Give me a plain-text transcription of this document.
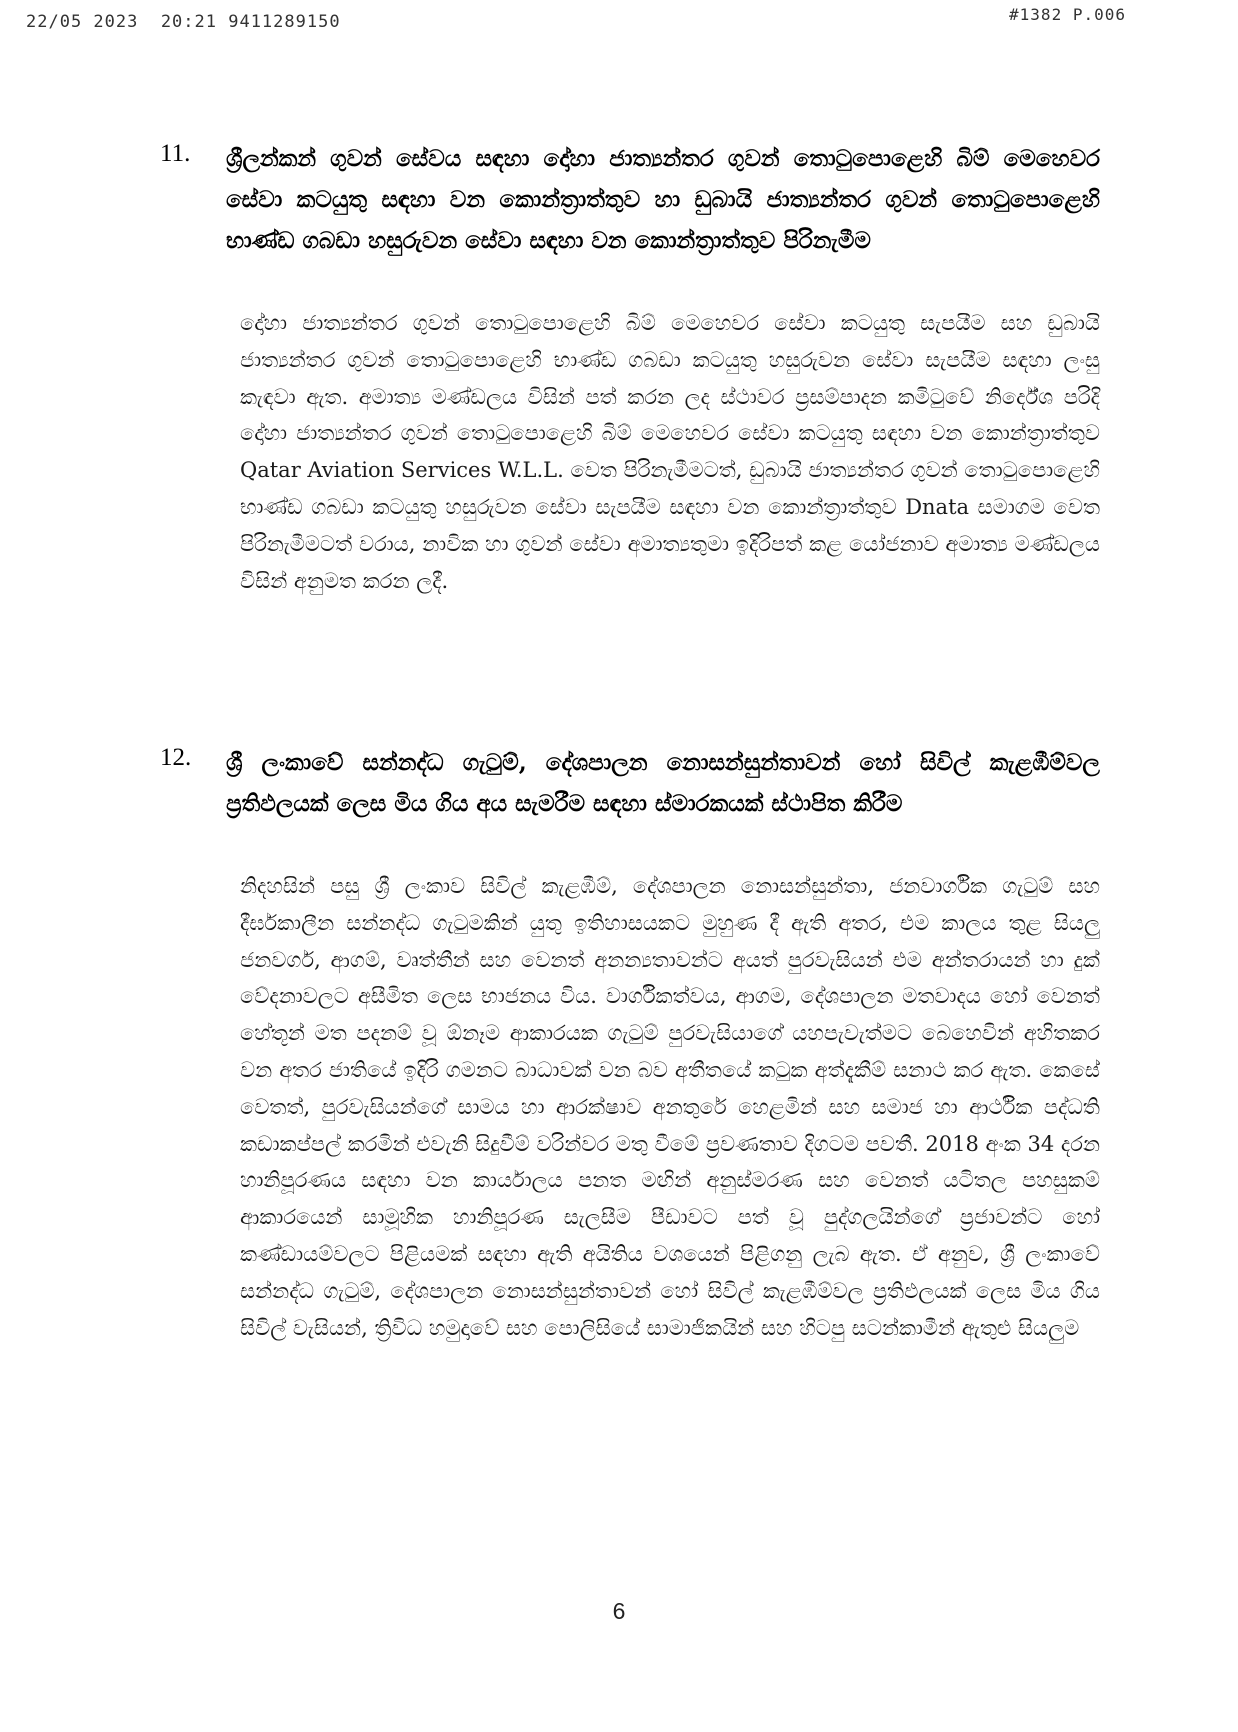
22/05 2023  20:21 9411289150	#1382 P.006
11. ශ්‍රීලන්කන් ගුවන් සේවය සඳහා දෝහා ජාත්‍යන්තර ගුවන් තොටුපොළෙහි බිම් මෙහෙවර සේවා කටයුතු සඳහා වන කොන්ත්‍රාත්තුව හා ඩුබායි ජාත්‍යන්තර ගුවන් තොටුපොළෙහි භාණ්ඩ ගබඩා හසුරුවන සේවා සඳහා වන කොන්ත්‍රාත්තුව පිරිනැමීම

දෝහා ජාත්‍යන්තර ගුවන් තොටුපොළෙහි බිම් මෙහෙවර සේවා කටයුතු සැපයීම සහ ඩුබායි ජාත්‍යන්තර ගුවන් තොටුපොළෙහි භාණ්ඩ ගබඩා කටයුතු හසුරුවන සේවා සැපයීම සඳහා ලංසු කැඳවා ඇත. අමාත්‍ය මණ්ඩලය විසින් පත් කරන ලද ස්ථාවර ප්‍රසම්පාදන කමිටුවේ නිර්දේශ පරිදි දෝහා ජාත්‍යන්තර ගුවන් තොටුපොළෙහි බිම් මෙහෙවර සේවා කටයුතු සඳහා වන කොන්ත්‍රාත්තුව Qatar Aviation Services W.L.L. වෙත පිරිනැමීමටත්, ඩුබායි ජාත්‍යන්තර ගුවන් තොටුපොළෙහි භාණ්ඩ ගබඩා කටයුතු හසුරුවන සේවා සැපයීම සඳහා වන කොන්ත්‍රාත්තුව Dnata සමාගම වෙත පිරිනැමීමටත් වරාය, නාවික හා ගුවන් සේවා අමාත්‍යතුමා ඉදිරිපත් කළ යෝජනාව අමාත්‍ය මණ්ඩලය විසින් අනුමත කරන ලදී.

12. ශ්‍රී ලංකාවේ සන්නද්ධ ගැටුම්, දේශපාලන නොසන්සුන්තාවන් හෝ සිවිල් කැළඹීම්වල ප්‍රතිඵලයක් ලෙස මිය ගිය අය සැමරීම සඳහා ස්මාරකයක් ස්ථාපිත කිරීම

නිදහසින් පසු ශ්‍රී ලංකාව සිවිල් කැළඹීම්, දේශපාලන නොසන්සුන්තා, ජනවාර්ගික ගැටුම් සහ දීර්ඝකාලීන සන්නද්ධ ගැටුමකින් යුතු ඉතිහාසයකට මුහුණ දී ඇති අතර, එම කාලය තුළ සියලු ජනවර්ග, ආගම්, වෘත්තීන් සහ වෙනත් අනන්‍යතාවන්ට අයත් පුරවැසියන් එම අන්තරායන් හා දුක් වේදනාවලට අසීමිත ලෙස භාජනය විය. වාර්ගිකත්වය, ආගම, දේශපාලන මතවාදය හෝ වෙනත් හේතූන් මත පදනම් වූ ඕනෑම ආකාරයක ගැටුම් පුරවැසියාගේ යහපැවැත්මට බෙහෙවින් අහිතකර වන අතර ජාතියේ ඉදිරි ගමනට බාධාවක් වන බව අතීතයේ කටුක අත්දැකීම් සනාථ කර ඇත. කෙසේ වෙතත්, පුරවැසියන්ගේ සාමය හා ආරක්ෂාව අනතුරේ හෙළමින් සහ සමාජ හා ආර්ථික පද්ධති කඩාකප්පල් කරමින් එවැනි සිදුවීම් වරින්වර මතු වීමේ ප්‍රවණතාව දිගටම පවතී. 2018 අංක 34 දරන හානිපූරණය සඳහා වන කාර්යාලය පනත මඟින් අනුස්මරණ සහ වෙනත් යටිතල පහසුකම් ආකාරයෙන් සාමූහික හානිපූරණ සැලසීම පීඩාවට පත් වූ පුද්ගලයින්ගේ ප්‍රජාවන්ට හෝ කණ්ඩායම්වලට පිළියමක් සඳහා ඇති අයිතිය වශයෙන් පිළිගනු ලැබ ඇත. ඒ අනුව, ශ්‍රී ලංකාවේ සන්නද්ධ ගැටුම්, දේශපාලන නොසන්සුන්තාවන් හෝ සිවිල් කැළඹීම්වල ප්‍රතිඵලයක් ලෙස මිය ගිය සිවිල් වැසියන්, ත්‍රිවිධ හමුදාවේ සහ පොලිසියේ සාමාජිකයින් සහ හිටපු සටන්කාමීන් ඇතුළු සියලුම

6
